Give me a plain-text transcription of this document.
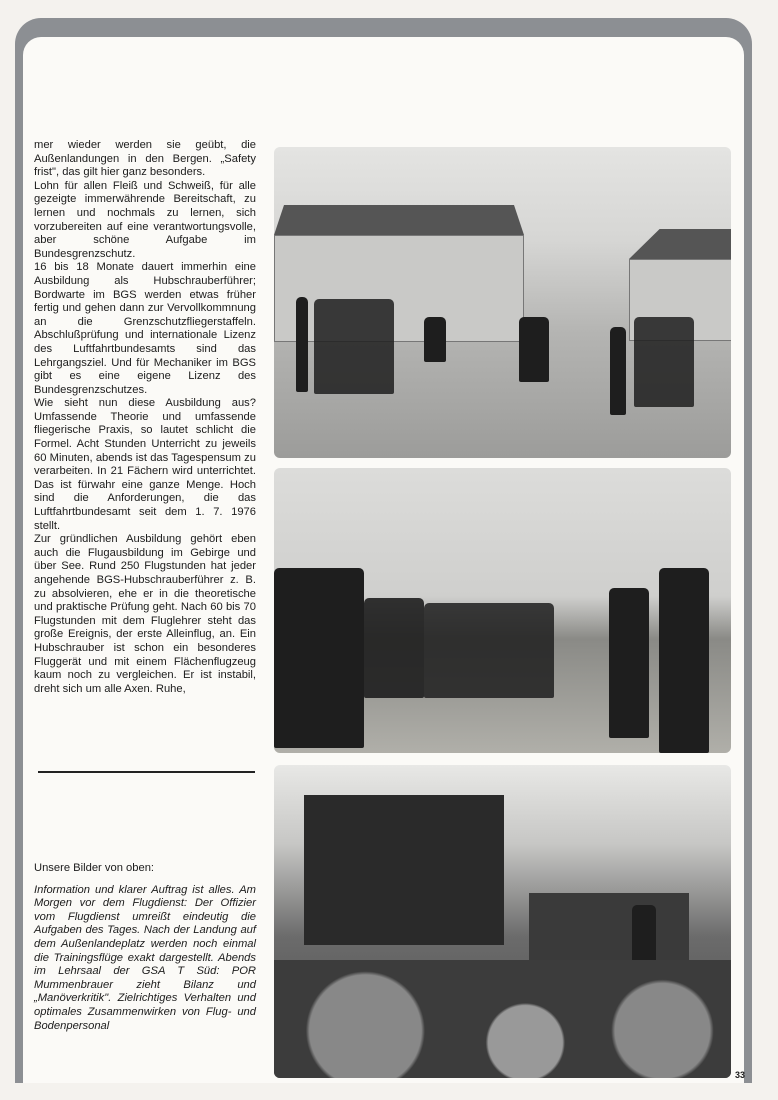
mer wieder werden sie geübt, die Außenlandungen in den Bergen. „Safety frist", das gilt hier ganz besonders.

Lohn für allen Fleiß und Schweiß, für alle gezeigte immerwährende Bereitschaft, zu lernen und nochmals zu lernen, sich vorzubereiten auf eine verantwortungsvolle, aber schöne Aufgabe im Bundesgrenzschutz.

16 bis 18 Monate dauert immerhin eine Ausbildung als Hubschrauberführer; Bordwarte im BGS werden etwas früher fertig und gehen dann zur Vervollkommnung an die Grenzschutzfliegerstaffeln. Abschlußprüfung und internationale Lizenz des Luftfahrtbundesamts sind das Lehrgangsziel. Und für Mechaniker im BGS gibt es eine eigene Lizenz des Bundesgrenzschutzes.

Wie sieht nun diese Ausbildung aus? Umfassende Theorie und umfassende fliegerische Praxis, so lautet schlicht die Formel. Acht Stunden Unterricht zu jeweils 60 Minuten, abends ist das Tagespensum zu verarbeiten. In 21 Fächern wird unterrichtet. Das ist fürwahr eine ganze Menge. Hoch sind die Anforderungen, die das Luftfahrtbundesamt seit dem 1. 7. 1976 stellt.

Zur gründlichen Ausbildung gehört eben auch die Flugausbildung im Gebirge und über See. Rund 250 Flugstunden hat jeder angehende BGS-Hubschrauberführer z. B. zu absolvieren, ehe er in die theoretische und praktische Prüfung geht. Nach 60 bis 70 Flugstunden mit dem Fluglehrer steht das große Ereignis, der erste Alleinflug, an. Ein Hubschrauber ist schon ein besonderes Fluggerät und mit einem Flächenflugzeug kaum noch zu vergleichen. Er ist instabil, dreht sich um alle Axen. Ruhe,

Unsere Bilder von oben:

Information und klarer Auftrag ist alles. Am Morgen vor dem Flugdienst: Der Offizier vom Flugdienst umreißt eindeutig die Aufgaben des Tages. Nach der Landung auf dem Außenlandeplatz werden noch einmal die Trainingsflüge exakt dargestellt. Abends im Lehrsaal der GSA T Süd: POR Mummenbrauer zieht Bilanz und „Manöverkritik". Zielrichtiges Verhalten und optimales Zusammenwirken von Flug- und Bodenpersonal

33
